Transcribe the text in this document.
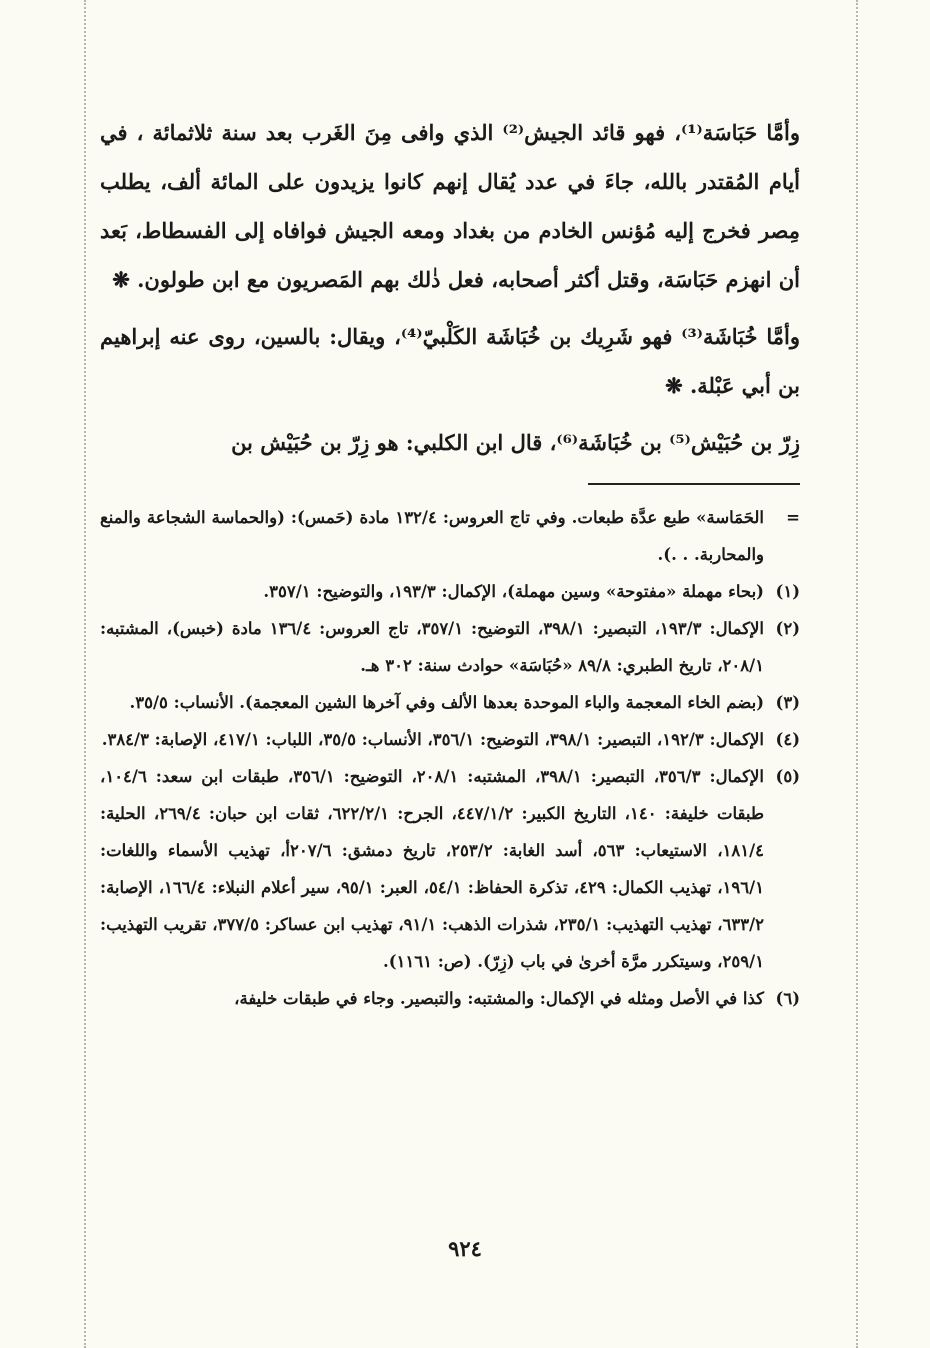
وأمَّا حَبَاسَة⁽¹⁾، فهو قائد الجيش⁽²⁾ الذي وافى مِنَ الغَرب بعد سنة ثلاثمائة ، في أيام المُقتدر بالله، جاءَ في عدد يُقال إنهم كانوا يزيدون على المائة ألف، يطلب مِصر فخرج إليه مُؤنس الخادم من بغداد ومعه الجيش فوافاه إلى الفسطاط، بَعد أن انهزم حَبَاسَة، وقتل أكثر أصحابه، فعل ذٰلك بهم المَصريون مع ابن طولون. ❋

وأمَّا خُبَاشَة⁽³⁾ فهو شَرِيك بن خُبَاشَة الكَلْبيّ⁽⁴⁾، ويقال: بالسين، روى عنه إبراهيم بن أبي عَبْلة. ❋

زِرّ بن حُبَيْش⁽⁵⁾ بن خُبَاشَة⁽⁶⁾، قال ابن الكلبي: هو زِرّ بن حُبَيْش بن

=
الحَمَاسة» طبع عدَّة طبعات. وفي تاج العروس: ١٣٢/٤ مادة (حَمس): (والحماسة الشجاعة والمنع والمحاربة. . .).

(١)
(بحاء مهملة «مفتوحة» وسين مهملة)، الإكمال: ١٩٣/٣، والتوضيح: ٣٥٧/١.

(٢)
الإكمال: ١٩٣/٣، التبصير: ٣٩٨/١، التوضيح: ٣٥٧/١، تاج العروس: ١٣٦/٤ مادة (خبس)، المشتبه: ٢٠٨/١، تاريخ الطبري: ٨٩/٨ «حُبَاسَة» حوادث سنة: ٣٠٢ هـ.

(٣)
(بضم الخاء المعجمة والباء الموحدة بعدها الألف وفي آخرها الشين المعجمة). الأنساب: ٣٥/٥.

(٤)
الإكمال: ١٩٢/٣، التبصير: ٣٩٨/١، التوضيح: ٣٥٦/١، الأنساب: ٣٥/٥، اللباب: ٤١٧/١، الإصابة: ٣٨٤/٣.

(٥)
الإكمال: ٣٥٦/٣، التبصير: ٣٩٨/١، المشتبه: ٢٠٨/١، التوضيح: ٣٥٦/١، طبقات ابن سعد: ١٠٤/٦، طبقات خليفة: ١٤٠، التاريخ الكبير: ٤٤٧/١/٢، الجرح: ٦٢٢/٢/١، ثقات ابن حبان: ٢٦٩/٤، الحلية: ١٨١/٤، الاستيعاب: ٥٦٣، أسد الغابة: ٢٥٣/٢، تاريخ دمشق: ٢٠٧/٦أ، تهذيب الأسماء واللغات: ١٩٦/١، تهذيب الكمال: ٤٢٩، تذكرة الحفاظ: ٥٤/١، العبر: ٩٥/١، سير أعلام النبلاء: ١٦٦/٤، الإصابة: ٦٣٣/٢، تهذيب التهذيب: ٢٣٥/١، شذرات الذهب: ٩١/١، تهذيب ابن عساكر: ٣٧٧/٥، تقريب التهذيب: ٢٥٩/١، وسيتكرر مرَّة أخرىٰ في باب (زِرّ). (ص: ١١٦١).

(٦)
كذا في الأصل ومثله في الإكمال: والمشتبه: والتبصير. وجاء في طبقات خليفة،

٩٢٤
